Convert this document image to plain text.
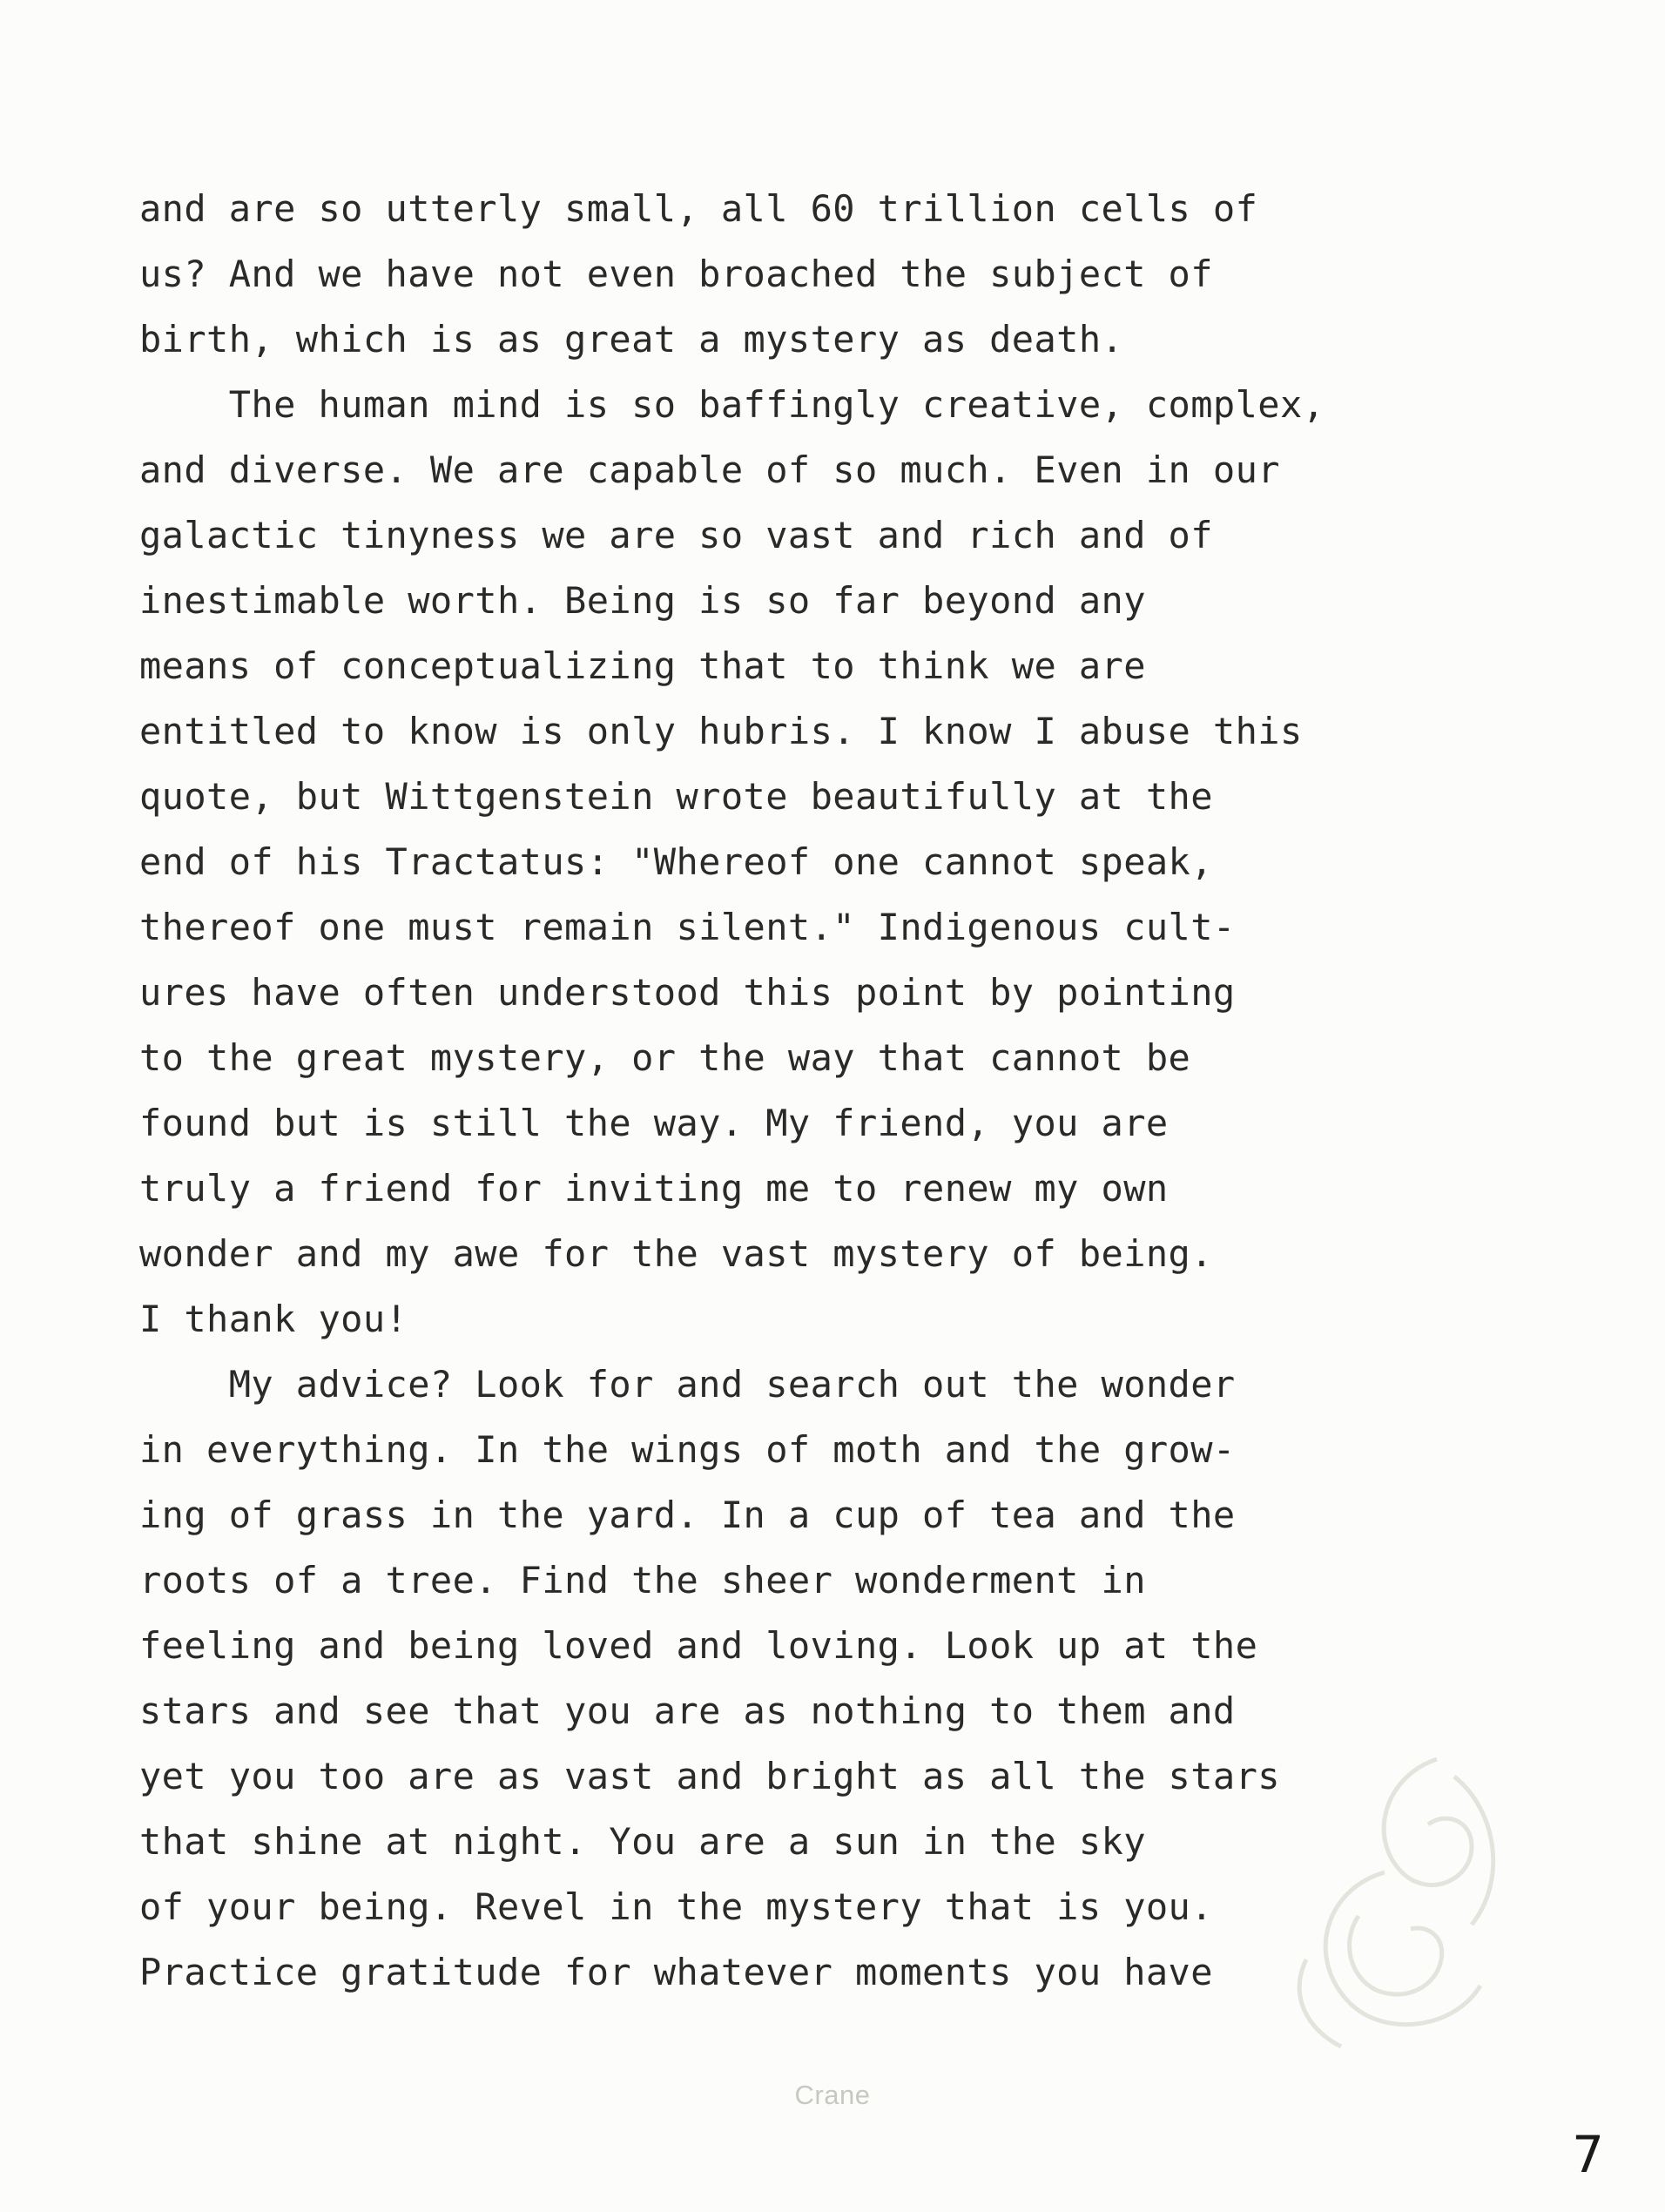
and are so utterly small, all 60 trillion cells of
us? And we have not even broached the subject of
birth, which is as great a mystery as death.
The human mind is so baffingly creative, complex,
and diverse. We are capable of so much. Even in our
galactic tinyness we are so vast and rich and of
inestimable worth. Being is so far beyond any
means of conceptualizing that to think we are
entitled to know is only hubris. I know I abuse this
quote, but Wittgenstein wrote beautifully at the
end of his Tractatus: "Whereof one cannot speak,
thereof one must remain silent." Indigenous cult-
ures have often understood this point by pointing
to the great mystery, or the way that cannot be
found but is still the way. My friend, you are
truly a friend for inviting me to renew my own
wonder and my awe for the vast mystery of being.
I thank you!
My advice? Look for and search out the wonder
in everything. In the wings of moth and the grow-
ing of grass in the yard. In a cup of tea and the
roots of a tree. Find the sheer wonderment in
feeling and being loved and loving. Look up at the
stars and see that you are as nothing to them and
yet you too are as vast and bright as all the stars
that shine at night. You are a sun in the sky
of your being. Revel in the mystery that is you.
Practice gratitude for whatever moments you have
Crane
7
